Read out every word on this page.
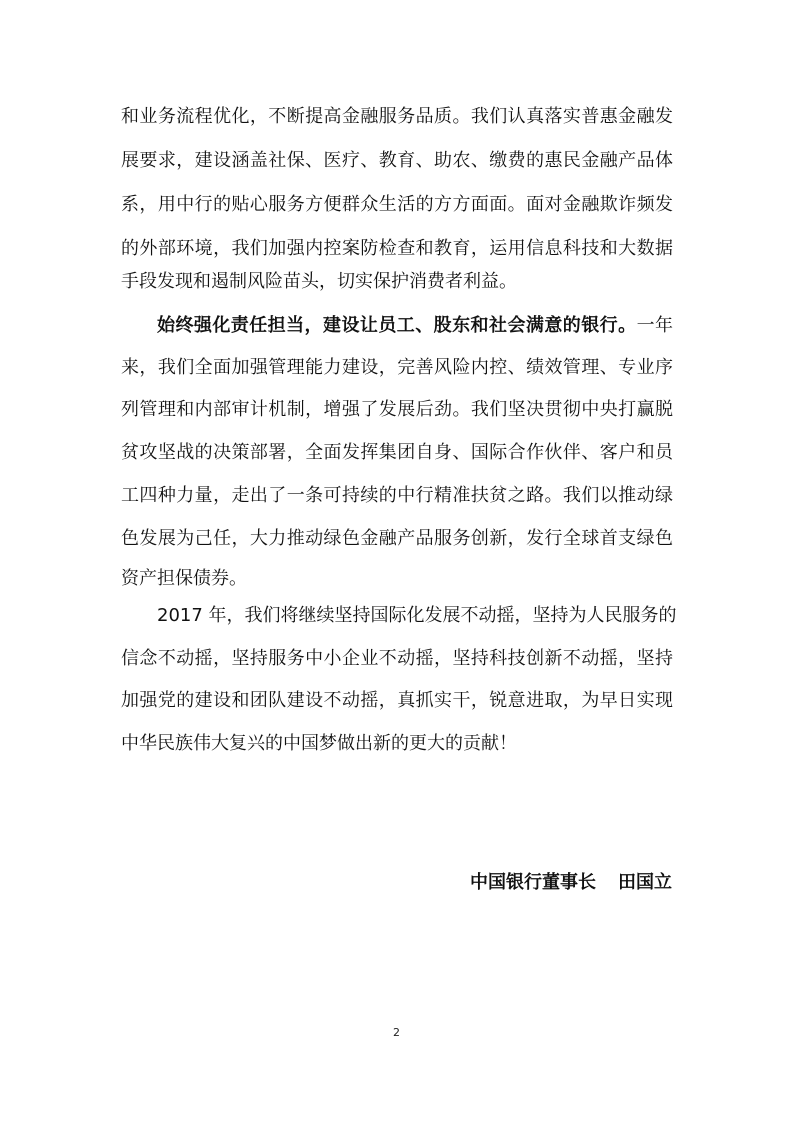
和业务流程优化，不断提高金融服务品质。我们认真落实普惠金融发
展要求，建设涵盖社保、医疗、教育、助农、缴费的惠民金融产品体
系，用中行的贴心服务方便群众生活的方方面面。面对金融欺诈频发
的外部环境，我们加强内控案防检查和教育，运用信息科技和大数据
手段发现和遏制风险苗头，切实保护消费者利益。
始终强化责任担当，建设让员工、股东和社会满意的银行。一年
来，我们全面加强管理能力建设，完善风险内控、绩效管理、专业序
列管理和内部审计机制，增强了发展后劲。我们坚决贯彻中央打赢脱
贫攻坚战的决策部署，全面发挥集团自身、国际合作伙伴、客户和员
工四种力量，走出了一条可持续的中行精准扶贫之路。我们以推动绿
色发展为己任，大力推动绿色金融产品服务创新，发行全球首支绿色
资产担保债券。
2017 年，我们将继续坚持国际化发展不动摇，坚持为人民服务的
信念不动摇，坚持服务中小企业不动摇，坚持科技创新不动摇，坚持
加强党的建设和团队建设不动摇，真抓实干，锐意进取，为早日实现
中华民族伟大复兴的中国梦做出新的更大的贡献！
中国银行董事长 田国立
2
